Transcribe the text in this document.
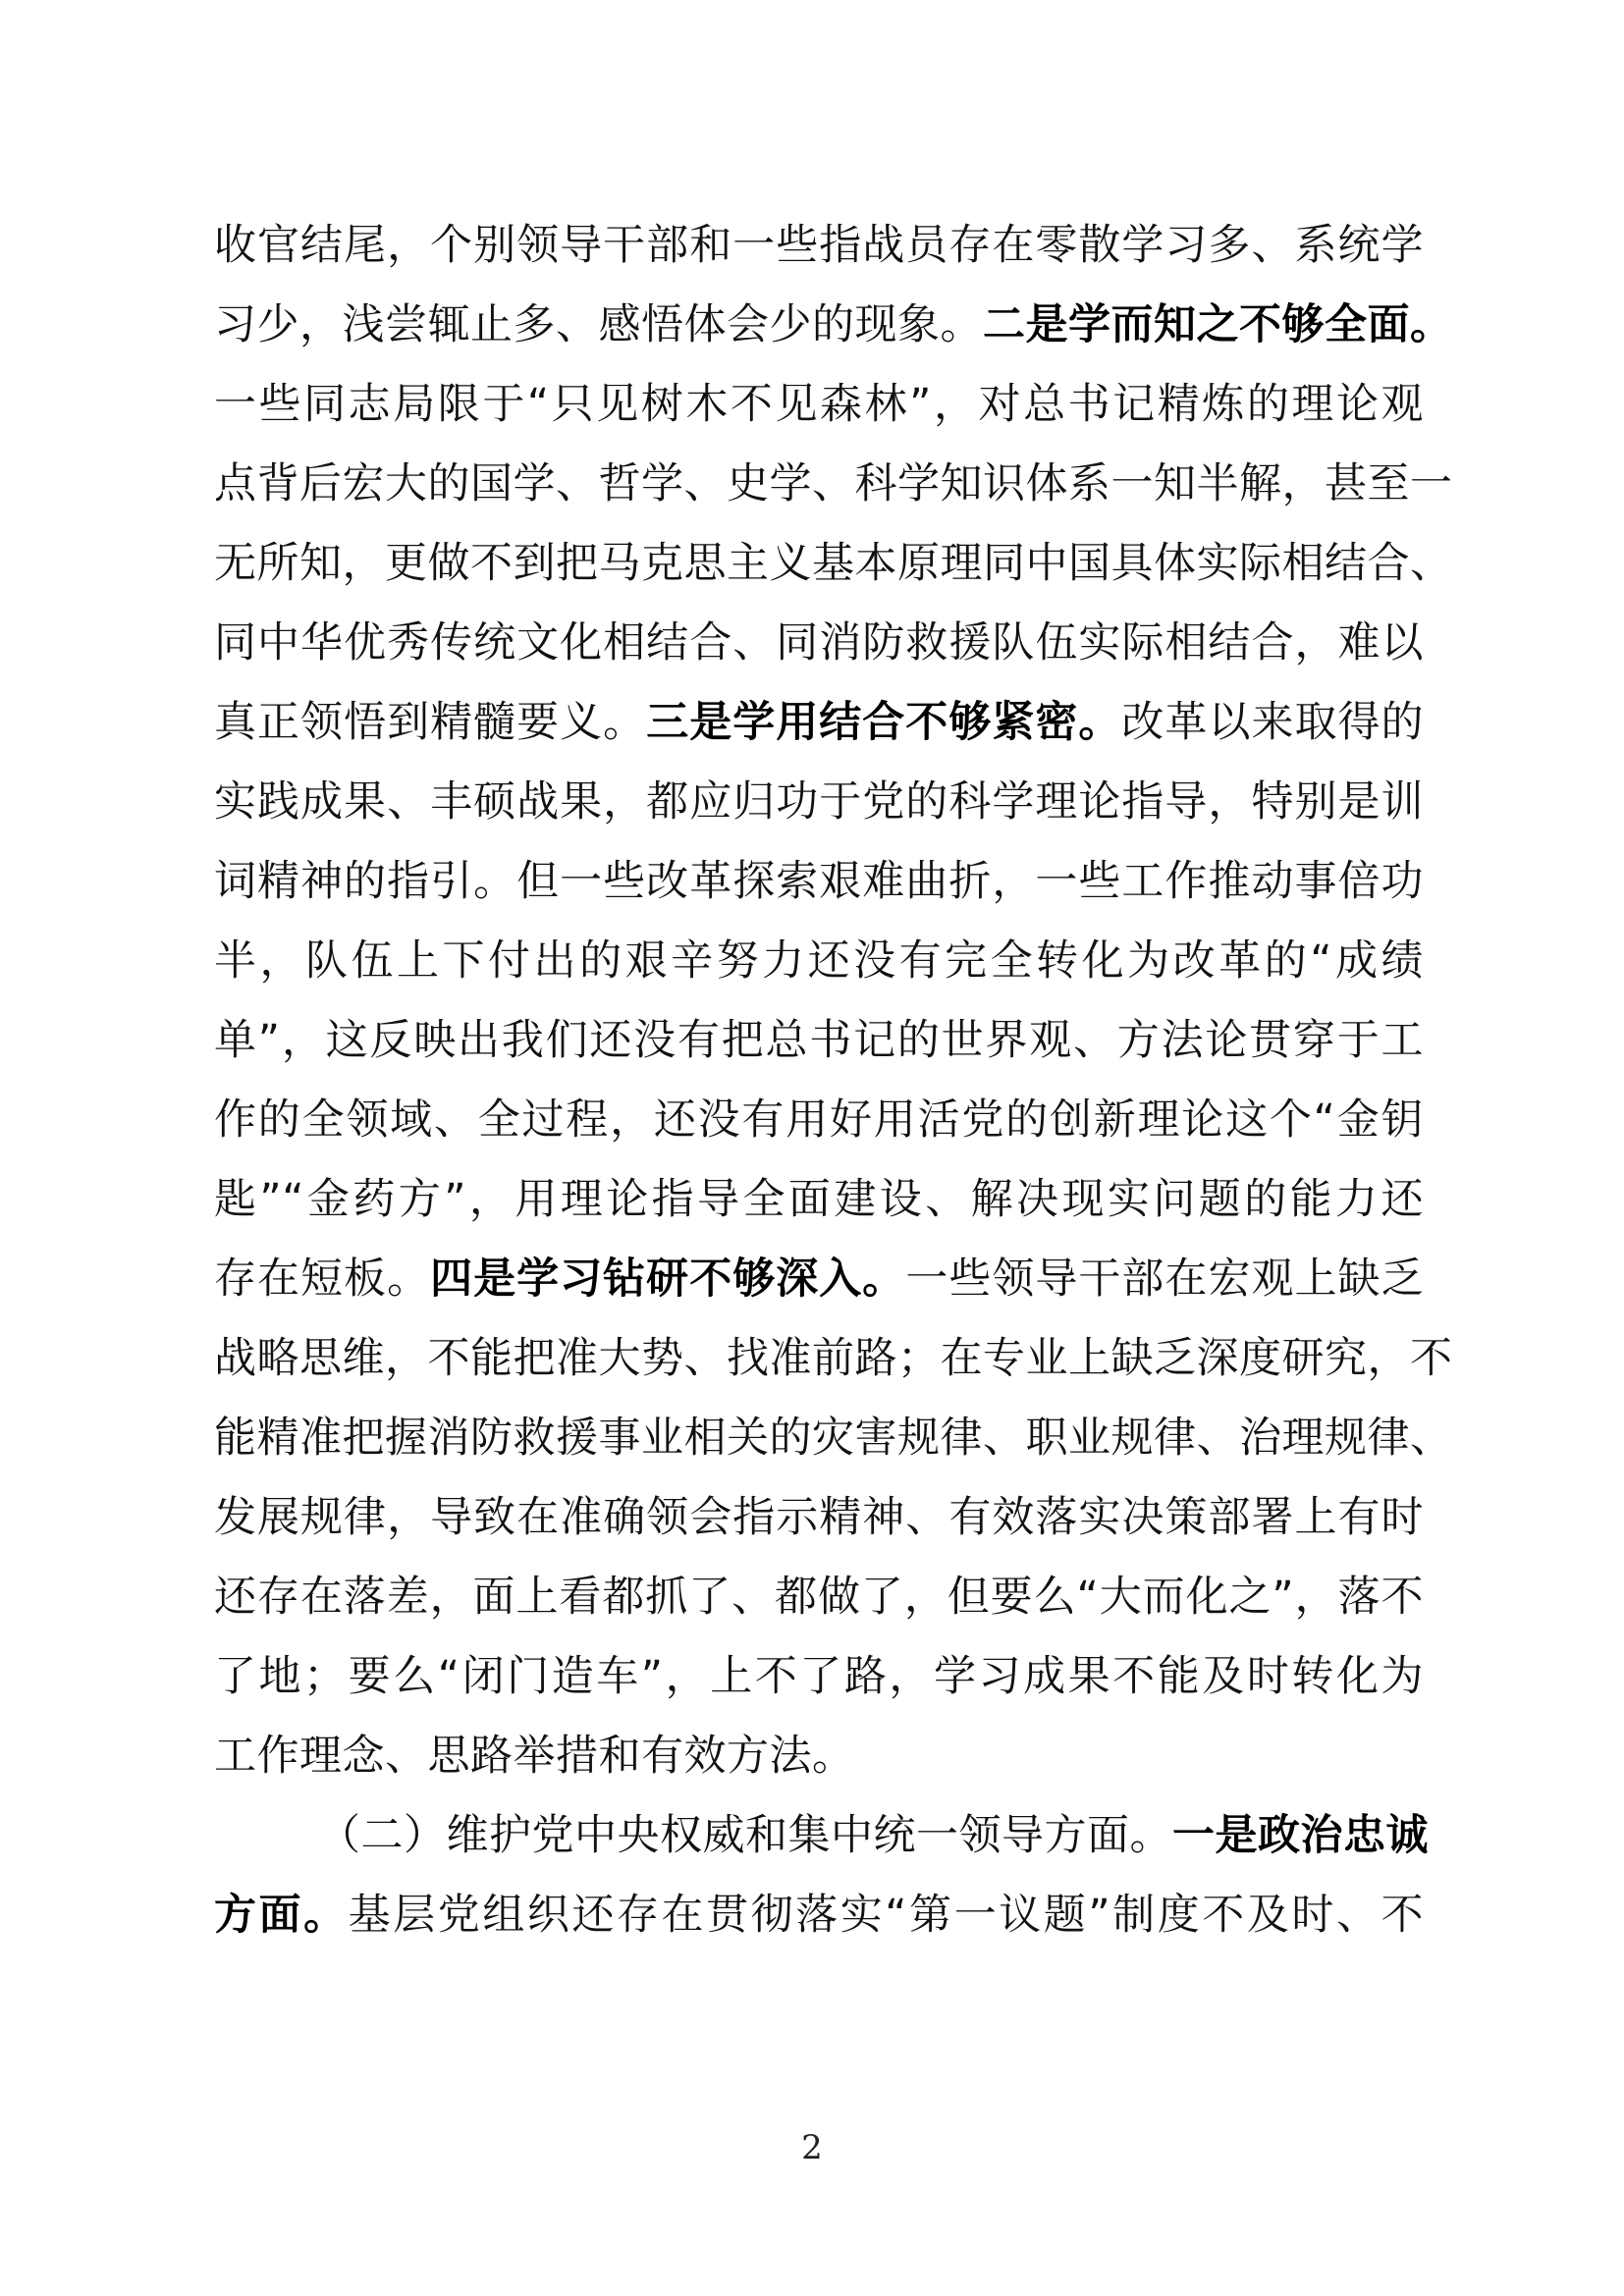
收官结尾，个别领导干部和一些指战员存在零散学习多、系统学
习少，浅尝辄止多、感悟体会少的现象。二是学而知之不够全面。
一些同志局限于“只见树木不见森林”，对总书记精炼的理论观
点背后宏大的国学、哲学、史学、科学知识体系一知半解，甚至一
无所知，更做不到把马克思主义基本原理同中国具体实际相结合、
同中华优秀传统文化相结合、同消防救援队伍实际相结合，难以
真正领悟到精髓要义。三是学用结合不够紧密。改革以来取得的
实践成果、丰硕战果，都应归功于党的科学理论指导，特别是训
词精神的指引。但一些改革探索艰难曲折，一些工作推动事倍功
半，队伍上下付出的艰辛努力还没有完全转化为改革的“成绩
单”，这反映出我们还没有把总书记的世界观、方法论贯穿于工
作的全领域、全过程，还没有用好用活党的创新理论这个“金钥
匙”“金药方”，用理论指导全面建设、解决现实问题的能力还
存在短板。四是学习钻研不够深入。一些领导干部在宏观上缺乏
战略思维，不能把准大势、找准前路；在专业上缺乏深度研究，不
能精准把握消防救援事业相关的灾害规律、职业规律、治理规律、
发展规律，导致在准确领会指示精神、有效落实决策部署上有时
还存在落差，面上看都抓了、都做了，但要么“大而化之”，落不
了地；要么“闭门造车”，上不了路，学习成果不能及时转化为
工作理念、思路举措和有效方法。
（二）维护党中央权威和集中统一领导方面。一是政治忠诚
方面。基层党组织还存在贯彻落实“第一议题”制度不及时、不
2
